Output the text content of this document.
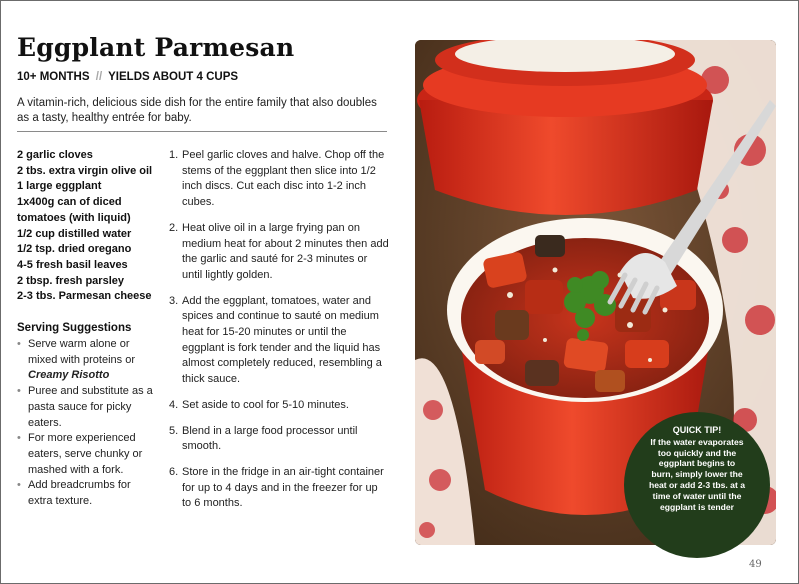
Eggplant Parmesan
10+ MONTHS // YIELDS ABOUT 4 CUPS
A vitamin-rich, delicious side dish for the entire family that also doubles as a tasty, healthy entrée for baby.
2 garlic cloves
2 tbs. extra virgin olive oil
1 large eggplant
1x400g can of diced
tomatoes (with liquid)
1/2 cup distilled water
1/2 tsp. dried oregano
4-5 fresh basil leaves
2 tbsp. fresh parsley
2-3 tbs. Parmesan cheese
Serving Suggestions
• Serve warm alone or
mixed with proteins or
Creamy Risotto
• Puree and substitute as a
pasta sauce for picky
eaters.
• For more experienced
eaters, serve chunky or
mashed with a fork.
• Add breadcrumbs for
extra texture.
1. Peel garlic cloves and halve. Chop off the
stems of the eggplant then slice into 1/2
inch discs. Cut each disc into 1-2 inch
cubes.
2. Heat olive oil in a large frying pan on
medium heat for about 2 minutes then add
the garlic and sauté for 2-3 minutes or
until lightly golden.
3. Add the eggplant, tomatoes, water and
spices and continue to sauté on medium
heat for 15-20 minutes or until the
eggplant is fork tender and the liquid has
almost completely reduced, resembling a
thick sauce.
4. Set aside to cool for 5-10 minutes.
5. Blend in a large food processor until
smooth.
6. Store in the fridge in an air-tight container
for up to 4 days and in the freezer for up
to 6 months.
QUICK TIP!
If the water evaporates
too quickly and the
eggplant begins to
burn, simply lower the
heat or add 2-3 tbs. at a
time of water until the
eggplant is tender
49
